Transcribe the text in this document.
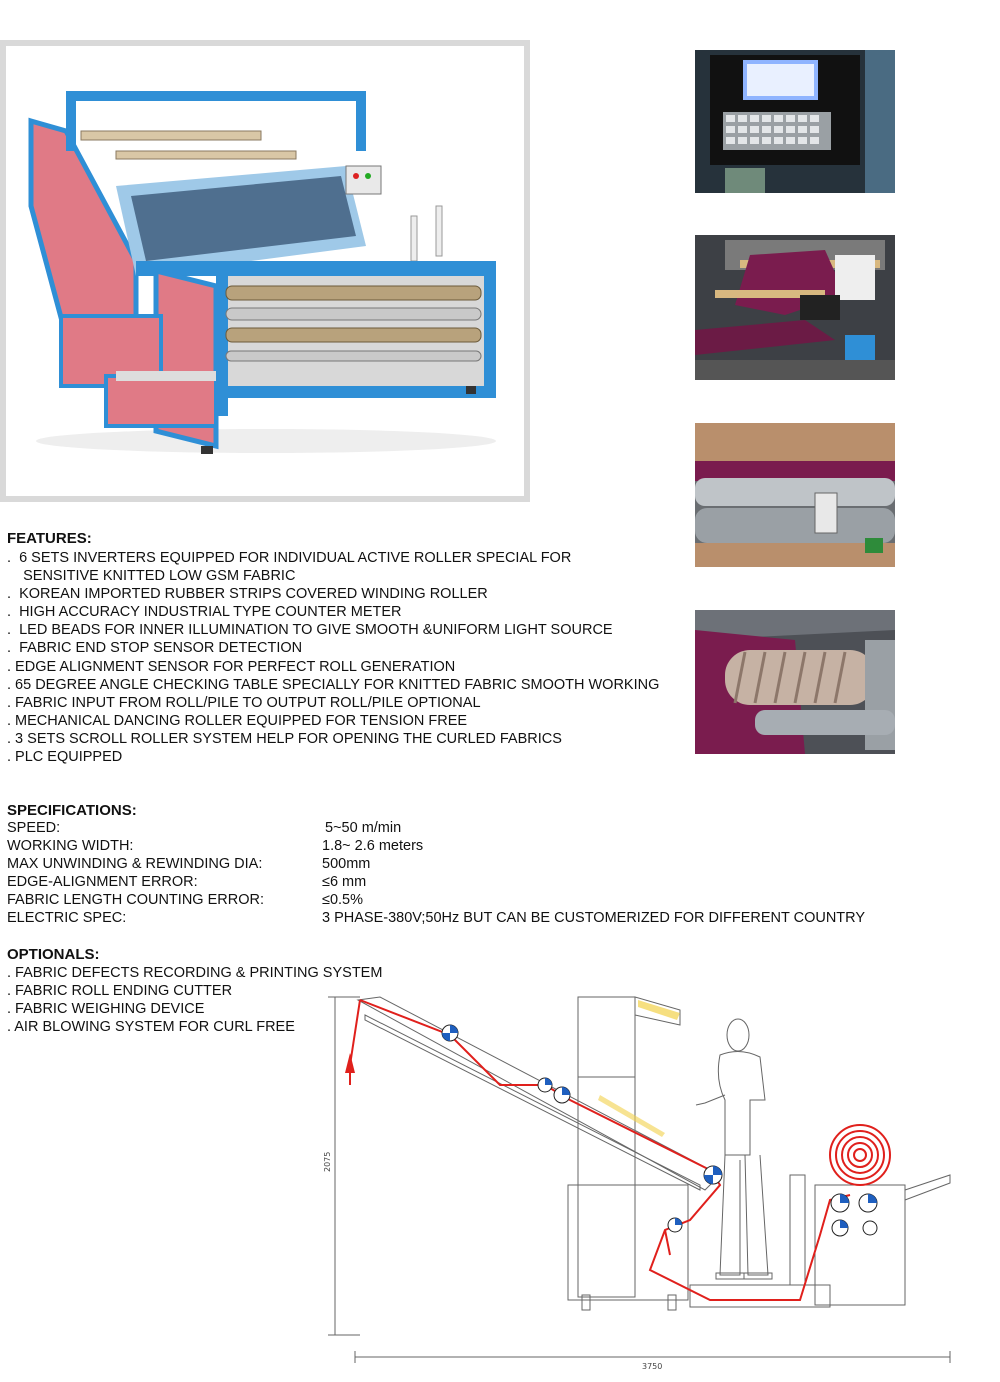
FEATURES:
.  6 SETS INVERTERS EQUIPPED FOR INDIVIDUAL ACTIVE ROLLER SPECIAL FOR
SENSITIVE KNITTED LOW GSM FABRIC
.  KOREAN IMPORTED RUBBER STRIPS COVERED WINDING ROLLER
.  HIGH ACCURACY INDUSTRIAL TYPE COUNTER METER
.  LED BEADS FOR INNER ILLUMINATION TO GIVE SMOOTH &UNIFORM LIGHT SOURCE
.  FABRIC END STOP SENSOR DETECTION
. EDGE ALIGNMENT SENSOR FOR PERFECT ROLL GENERATION
. 65 DEGREE ANGLE CHECKING TABLE SPECIALLY FOR KNITTED FABRIC SMOOTH WORKING
. FABRIC INPUT FROM ROLL/PILE TO OUTPUT ROLL/PILE OPTIONAL
. MECHANICAL DANCING ROLLER EQUIPPED FOR TENSION FREE
. 3 SETS SCROLL ROLLER SYSTEM HELP FOR OPENING THE CURLED FABRICS
. PLC EQUIPPED
SPECIFICATIONS:
SPEED:	5~50 m/min
WORKING WIDTH:	1.8~ 2.6 meters
MAX UNWINDING & REWINDING DIA:	500mm
EDGE-ALIGNMENT ERROR:	≤6 mm
FABRIC LENGTH COUNTING ERROR:	≤0.5%
ELECTRIC SPEC:	3 PHASE-380V;50Hz BUT CAN BE CUSTOMERIZED FOR DIFFERENT COUNTRY
OPTIONALS:
. FABRIC DEFECTS RECORDING & PRINTING SYSTEM
. FABRIC ROLL ENDING CUTTER
. FABRIC WEIGHING DEVICE
. AIR BLOWING SYSTEM FOR CURL FREE
2075
3750
